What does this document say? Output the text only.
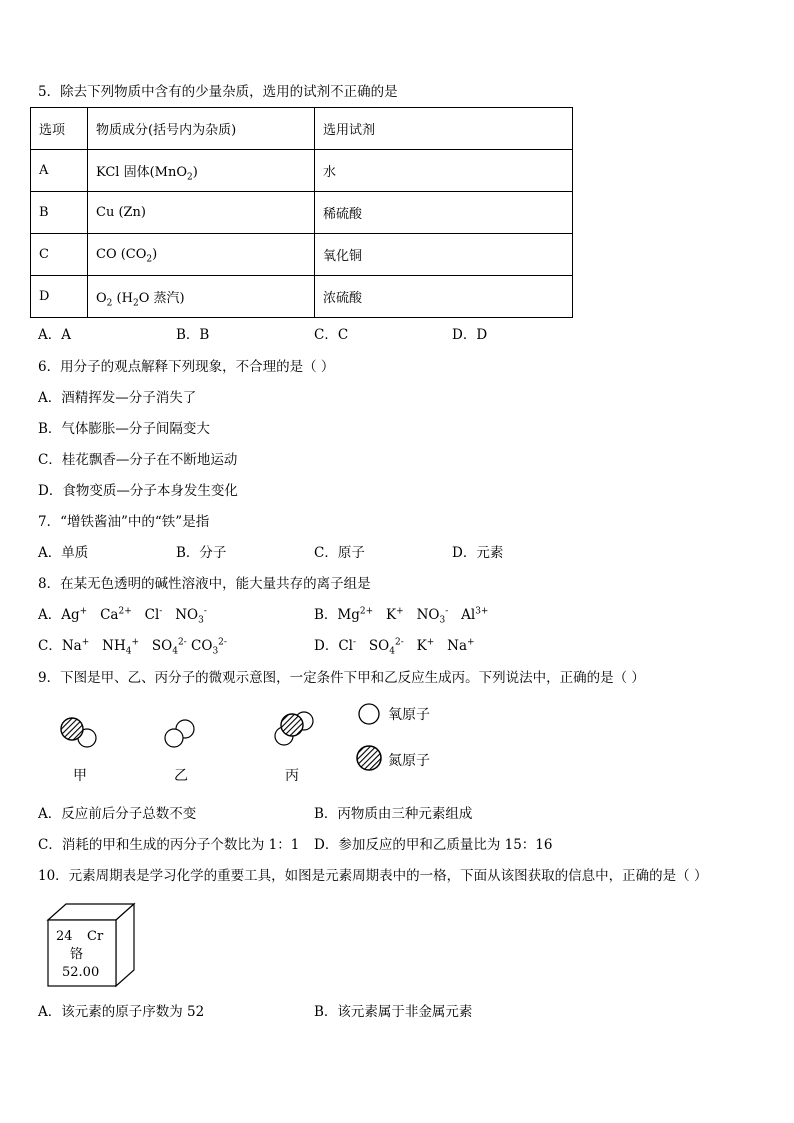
5．除去下列物质中含有的少量杂质，选用的试剂不正确的是
选项	物质成分(括号内为杂质)	选用试剂
A	KCl 固体(MnO$_2$)	水
B	Cu (Zn)	稀硫酸
C	CO $(CO_2)$	氧化铜
D	$O_2$ ($H_2O$ 蒸汽)	浓硫酸
A．A	B．B	C．C	D．D
6．用分子的观点解释下列现象，不合理的是（ ）
A．酒精挥发—分子消失了
B．气体膨胀—分子间隔变大
C．桂花飘香—分子在不断地运动
D．食物变质—分子本身发生变化
7．“增铁酱油”中的“铁”是指
A．单质	B．分子	C．原子	D．元素
8．在某无色透明的碱性溶液中，能大量共存的离子组是
A．Ag+ $Ca^{2+}$ Cl- $NO_3^-$	B．$Mg^{2+}$ K+ $NO_3^-$ $Al^{3+}$
C．Na+ $NH_4^+$ $SO_4^{2-}$ $CO_3^{2-}$	D．Cl- $SO_4^{2-}$ K+ Na+
9．下图是甲、乙、丙分子的微观示意图，一定条件下甲和乙反应生成丙。下列说法中，正确的是（ ）
甲	乙	丙
氧原子
氮原子
A．反应前后分子总数不变	B．丙物质由三种元素组成
C．消耗的甲和生成的丙分子个数比为 1：1 D．参加反应的甲和乙质量比为 15：16
10．元素周期表是学习化学的重要工具，如图是元素周期表中的一格，下面从该图获取的信息中，正确的是（ ）
24 Cr
铬
52.00
A．该元素的原子序数为 52	B．该元素属于非金属元素
